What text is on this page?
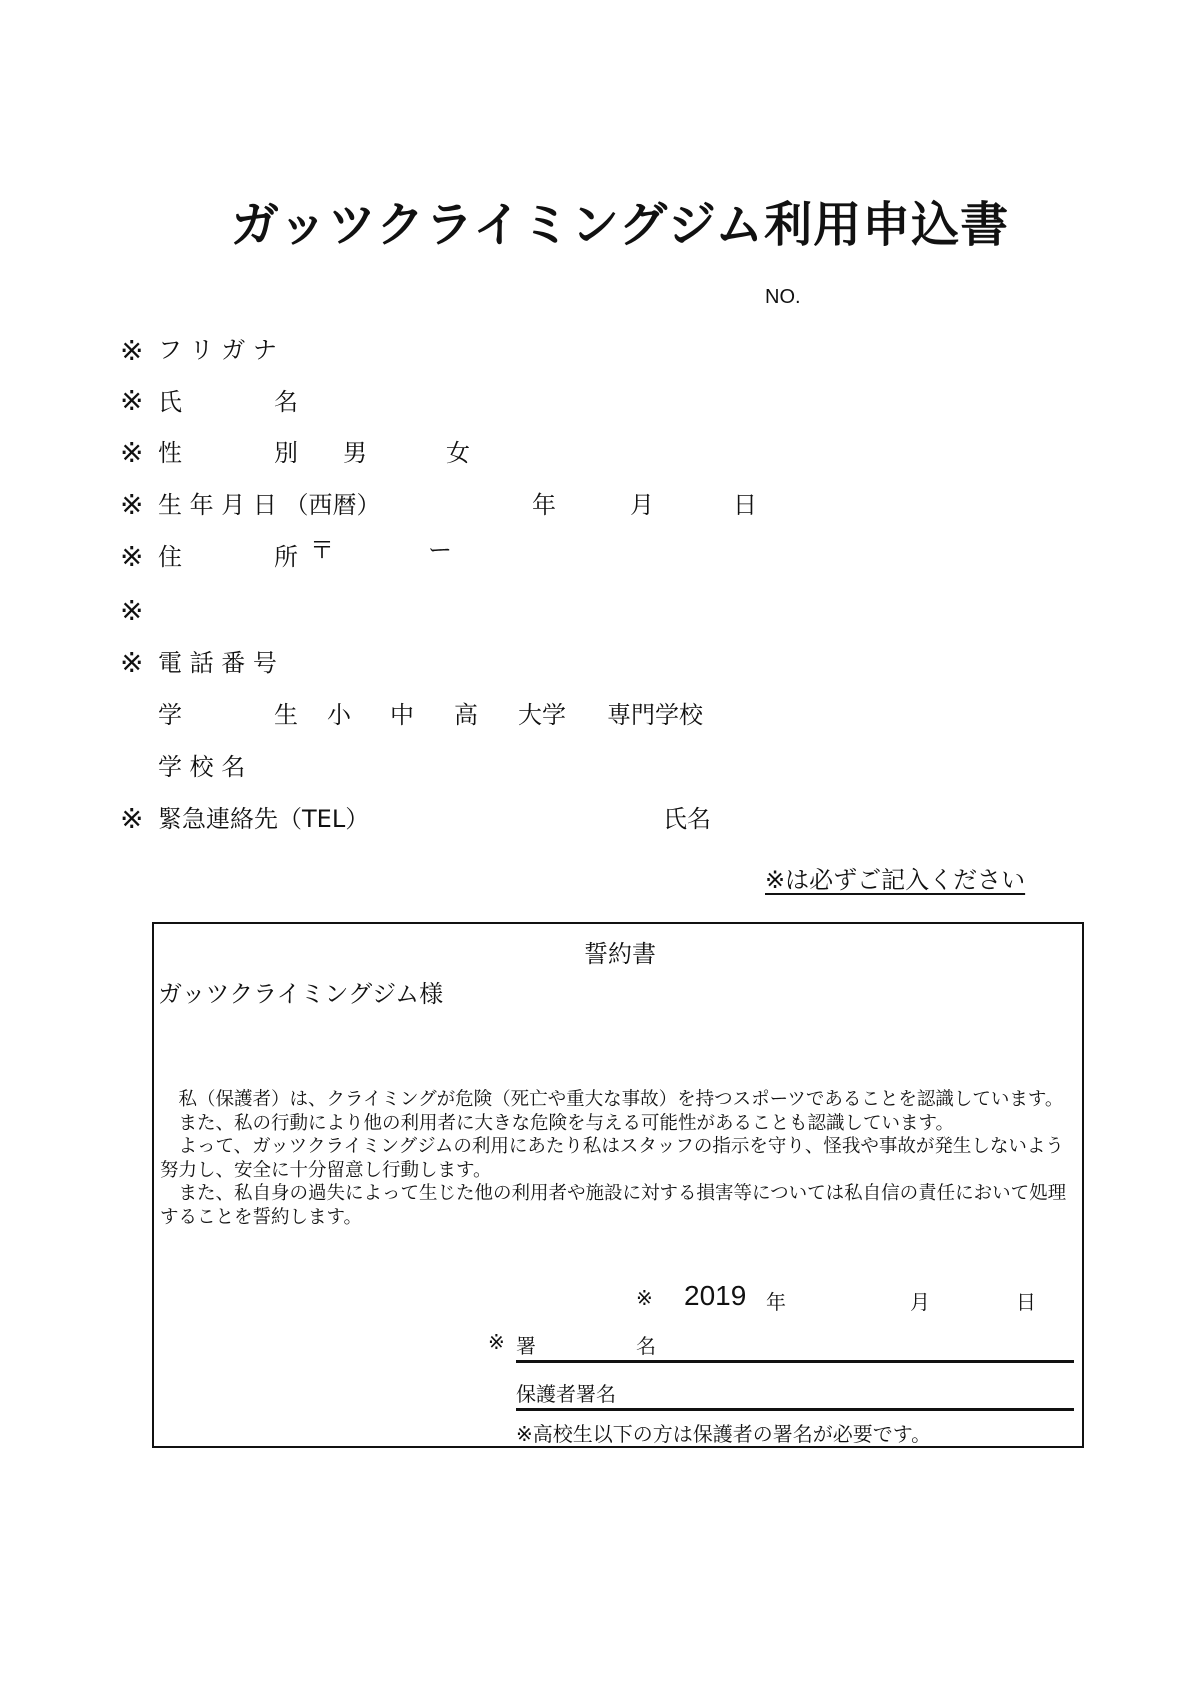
ガッツクライミングジム利用申込書
NO.
※ フ リ ガ ナ
※ 氏	名
※ 性	別 男	女
※ 生 年 月 日 （西暦）	年	月	日
※ 住	所 〒	ー
※
※ 電 話 番 号
学	生 小 中 高 大学 専門学校
学 校 名
※ 緊急連絡先（TEL）	氏名
※は必ずご記入ください
誓約書
ガッツクライミングジム様

　私（保護者）は、クライミングが危険（死亡や重大な事故）を持つスポーツであることを認識しています。

　また、私の行動により他の利用者に大きな危険を与える可能性があることも認識しています。

　よって、ガッツクライミングジムの利用にあたり私はスタッフの指示を守り、怪我や事故が発生しないよう努力し、安全に十分留意し行動します。

　また、私自身の過失によって生じた他の利用者や施設に対する損害等については私自信の責任において処理することを誓約します。

※ 2019 年	月	日
※ 署	名
保護者署名
※高校生以下の方は保護者の署名が必要です。
